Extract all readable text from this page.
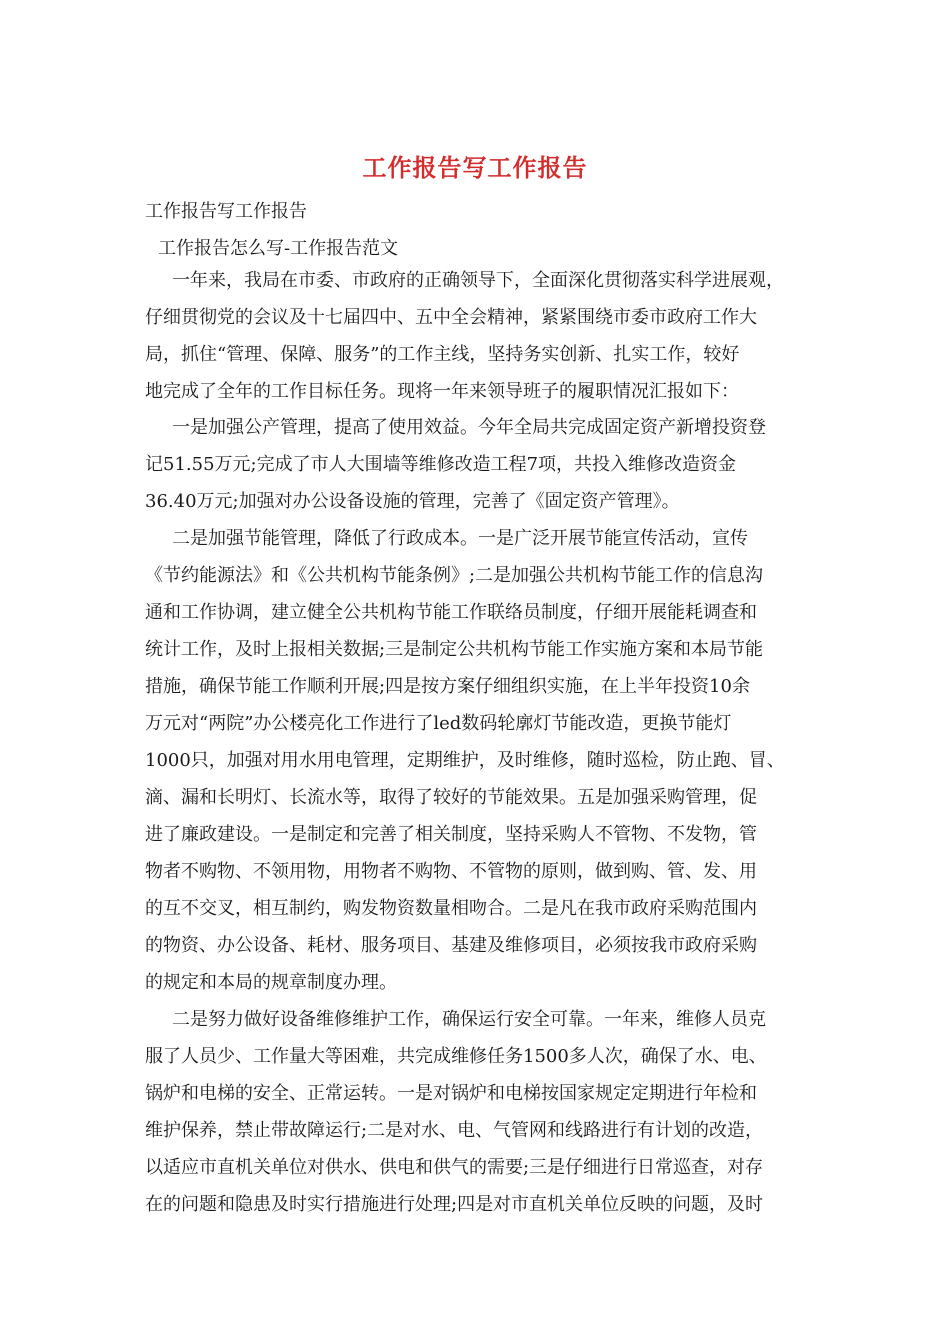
工作报告写工作报告

工作报告写工作报告

工作报告怎么写-工作报告范文

一年来，我局在市委、市政府的正确领导下，全面深化贯彻落实科学进展观，

仔细贯彻党的会议及十七届四中、五中全会精神，紧紧围绕市委市政府工作大

局，抓住“管理、保障、服务”的工作主线，坚持务实创新、扎实工作，较好

地完成了全年的工作目标任务。现将一年来领导班子的履职情况汇报如下：

一是加强公产管理，提高了使用效益。今年全局共完成固定资产新增投资登

记51.55万元;完成了市人大围墙等维修改造工程7项，共投入维修改造资金

36.40万元;加强对办公设备设施的管理，完善了《固定资产管理》。

二是加强节能管理，降低了行政成本。一是广泛开展节能宣传活动，宣传

《节约能源法》和《公共机构节能条例》;二是加强公共机构节能工作的信息沟

通和工作协调，建立健全公共机构节能工作联络员制度，仔细开展能耗调查和

统计工作，及时上报相关数据;三是制定公共机构节能工作实施方案和本局节能

措施，确保节能工作顺利开展;四是按方案仔细组织实施，在上半年投资10余

万元对“两院”办公楼亮化工作进行了led数码轮廓灯节能改造，更换节能灯

1000只，加强对用水用电管理，定期维护，及时维修，随时巡检，防止跑、冒、

滴、漏和长明灯、长流水等，取得了较好的节能效果。五是加强采购管理，促

进了廉政建设。一是制定和完善了相关制度，坚持采购人不管物、不发物，管

物者不购物、不领用物，用物者不购物、不管物的原则，做到购、管、发、用

的互不交叉，相互制约，购发物资数量相吻合。二是凡在我市政府采购范围内

的物资、办公设备、耗材、服务项目、基建及维修项目，必须按我市政府采购

的规定和本局的规章制度办理。

二是努力做好设备维修维护工作，确保运行安全可靠。一年来，维修人员克

服了人员少、工作量大等困难，共完成维修任务1500多人次，确保了水、电、

锅炉和电梯的安全、正常运转。一是对锅炉和电梯按国家规定定期进行年检和

维护保养，禁止带故障运行;二是对水、电、气管网和线路进行有计划的改造，

以适应市直机关单位对供水、供电和供气的需要;三是仔细进行日常巡查，对存

在的问题和隐患及时实行措施进行处理;四是对市直机关单位反映的问题，及时
